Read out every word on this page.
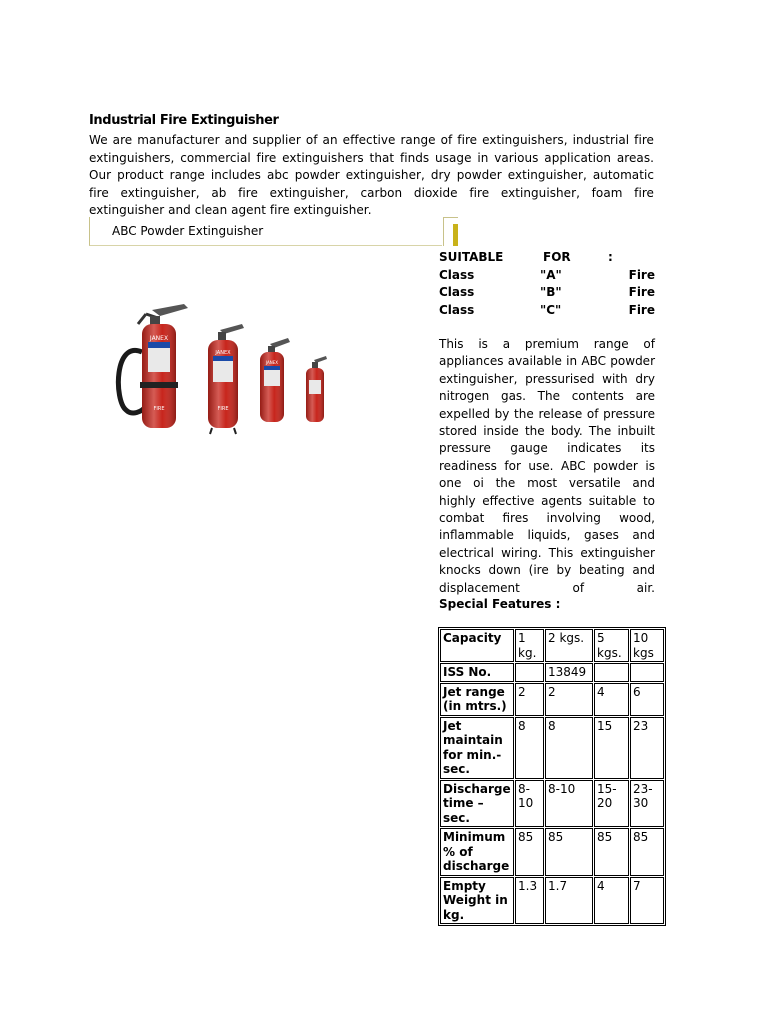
Industrial Fire Extinguisher
We are manufacturer and supplier of an effective range of fire extinguishers, industrial fire extinguishers, commercial fire extinguishers that finds usage in various application areas. Our product range includes abc powder extinguisher, dry powder extinguisher, automatic fire extinguisher, ab fire extinguisher, carbon dioxide fire extinguisher, foam fire extinguisher and clean agent fire extinguisher.
ABC Powder Extinguisher
JANEX
FIRE
JANEX
FIRE
JANEX
SUITABLE	FOR	:
Class	"A"	Fire
Class	"B"	Fire
Class	"C"	Fire
This is a premium range of appliances available in ABC powder extinguisher, pressurised with dry nitrogen gas. The contents are expelled by the release of pressure stored inside the body. The inbuilt pressure gauge indicates its readiness for use. ABC powder is one oi the most versatile and highly effective agents suitable to combat fires involving wood, inflammable liquids, gases and electrical wiring. This extinguisher knocks down (ire by beating and displacement of air.
Special Features :
Capacity	1 kg.	2 kgs.	5 kgs.	10 kgs
ISS No.		13849		
Jet range (in mtrs.)	2	2	4	6
Jet maintain for min.-sec.	8	8	15	23
Discharge time – sec.	8-10	8-10	15-20	23-30
Minimum % of discharge	85	85	85	85
Empty Weight in kg.	1.3	1.7	4	7
